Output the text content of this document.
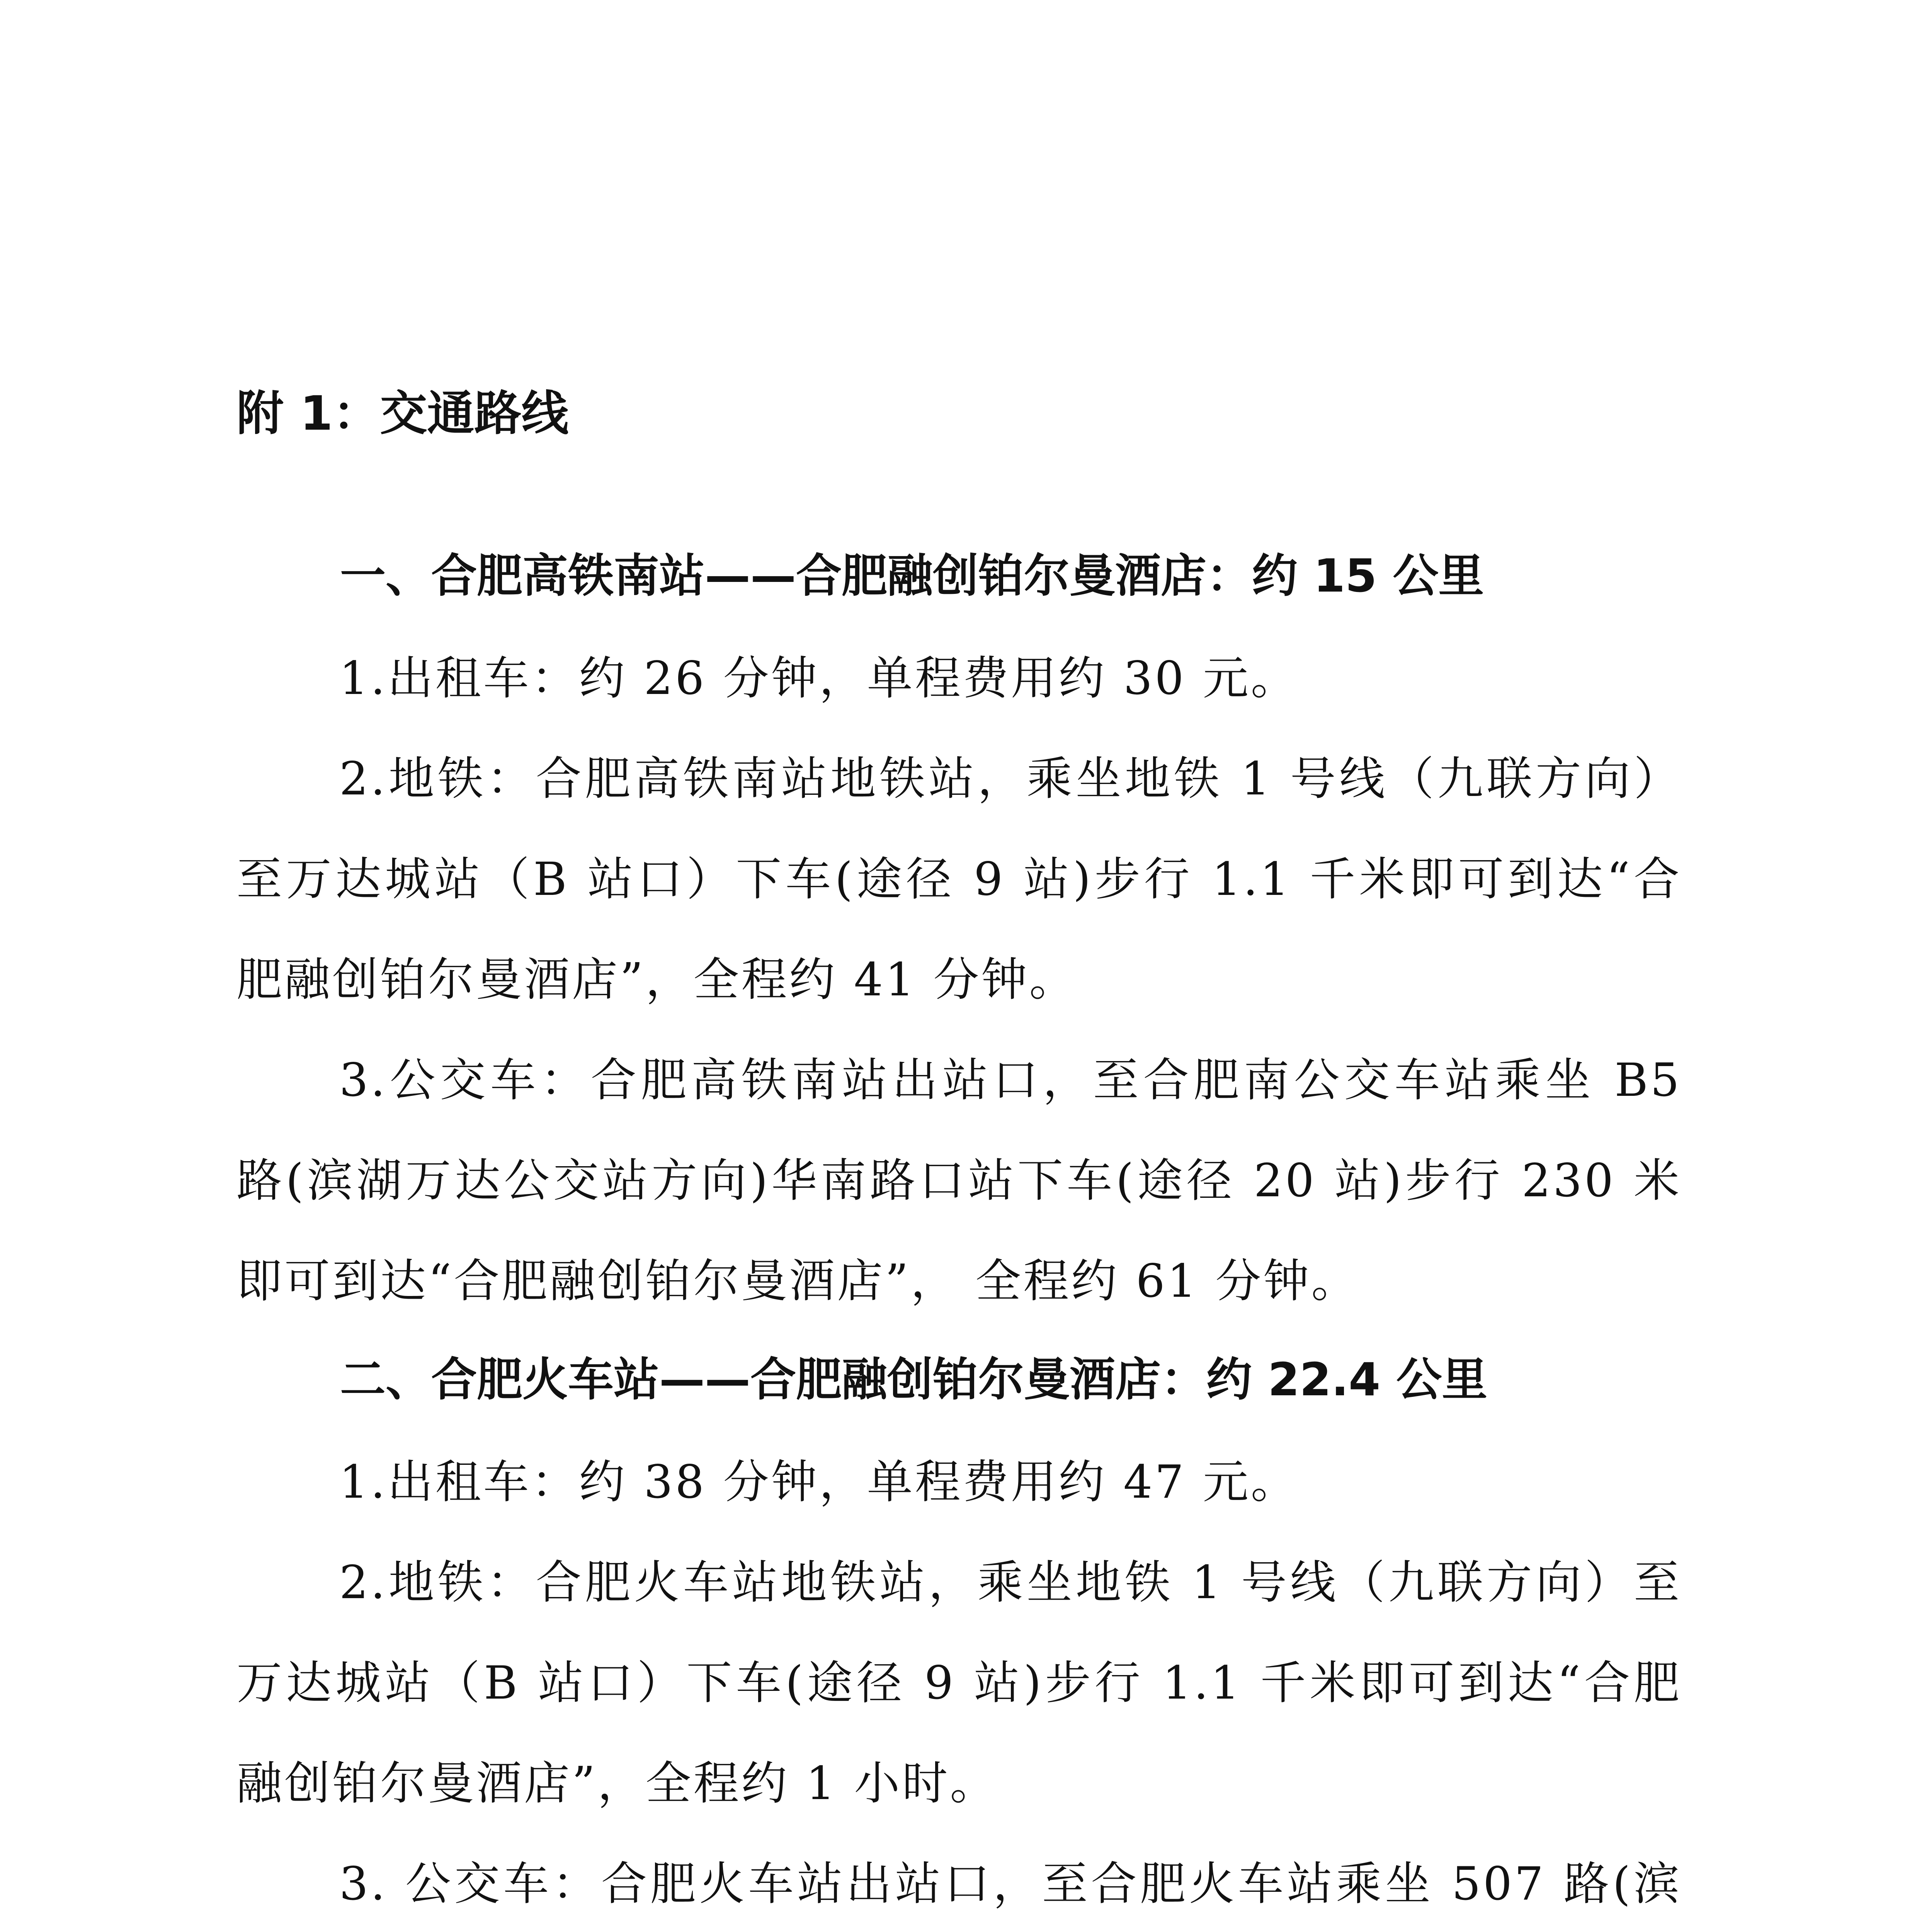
附 1：交通路线
一、合肥高铁南站——合肥融创铂尔曼酒店：约 15 公里
1.出租车：约 26 分钟，单程费用约 30 元。
2.地铁：合肥高铁南站地铁站，乘坐地铁 1 号线（九联方向）至万达城站（B 站口）下车(途径 9 站)步行 1.1 千米即可到达“合肥融创铂尔曼酒店”，全程约 41 分钟。
3.公交车：合肥高铁南站出站口，至合肥南公交车站乘坐 B5 路(滨湖万达公交站方向)华南路口站下车(途径 20 站)步行 230 米即可到达“合肥融创铂尔曼酒店”， 全程约 61 分钟。
二、合肥火车站——合肥融创铂尔曼酒店：约 22.4 公里
1.出租车：约 38 分钟，单程费用约 47 元。
2.地铁：合肥火车站地铁站，乘坐地铁 1 号线（九联方向）至万达城站（B 站口）下车(途径 9 站)步行 1.1 千米即可到达“合肥融创铂尔曼酒店”，全程约 1 小时。
3. 公交车：合肥火车站出站口，至合肥火车站乘坐 507 路(滨
